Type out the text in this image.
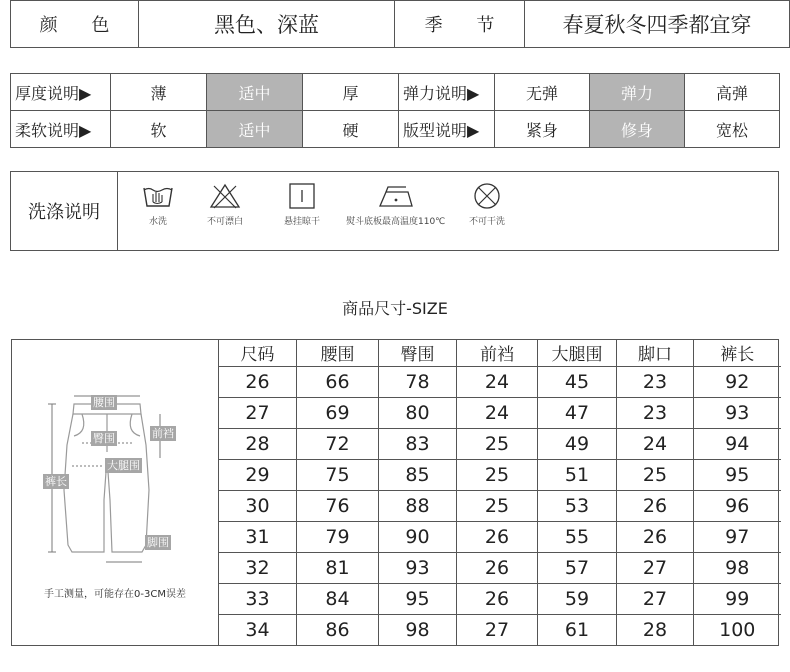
颜 色	黑色、深蓝	季 节	春夏秋冬四季都宜穿
厚度说明▶	薄	适中	厚	弹力说明▶	无弹	弹力	高弹
柔软说明▶	软	适中	硬	版型说明▶	紧身	修身	宽松
洗涤说明	水洗	不可漂白	悬挂晾干	熨斗底板最高温度110℃	不可干洗
商品尺寸-SIZE
腰围
臀围	前裆
大腿围
裤长
脚围
手工测量，可能存在0-3CM误差
尺码	腰围	臀围	前裆	大腿围	脚口	裤长
26	66	78	24	45	23	92
27	69	80	24	47	23	93
28	72	83	25	49	24	94
29	75	85	25	51	25	95
30	76	88	25	53	26	96
31	79	90	26	55	26	97
32	81	93	26	57	27	98
33	84	95	26	59	27	99
34	86	98	27	61	28	100
